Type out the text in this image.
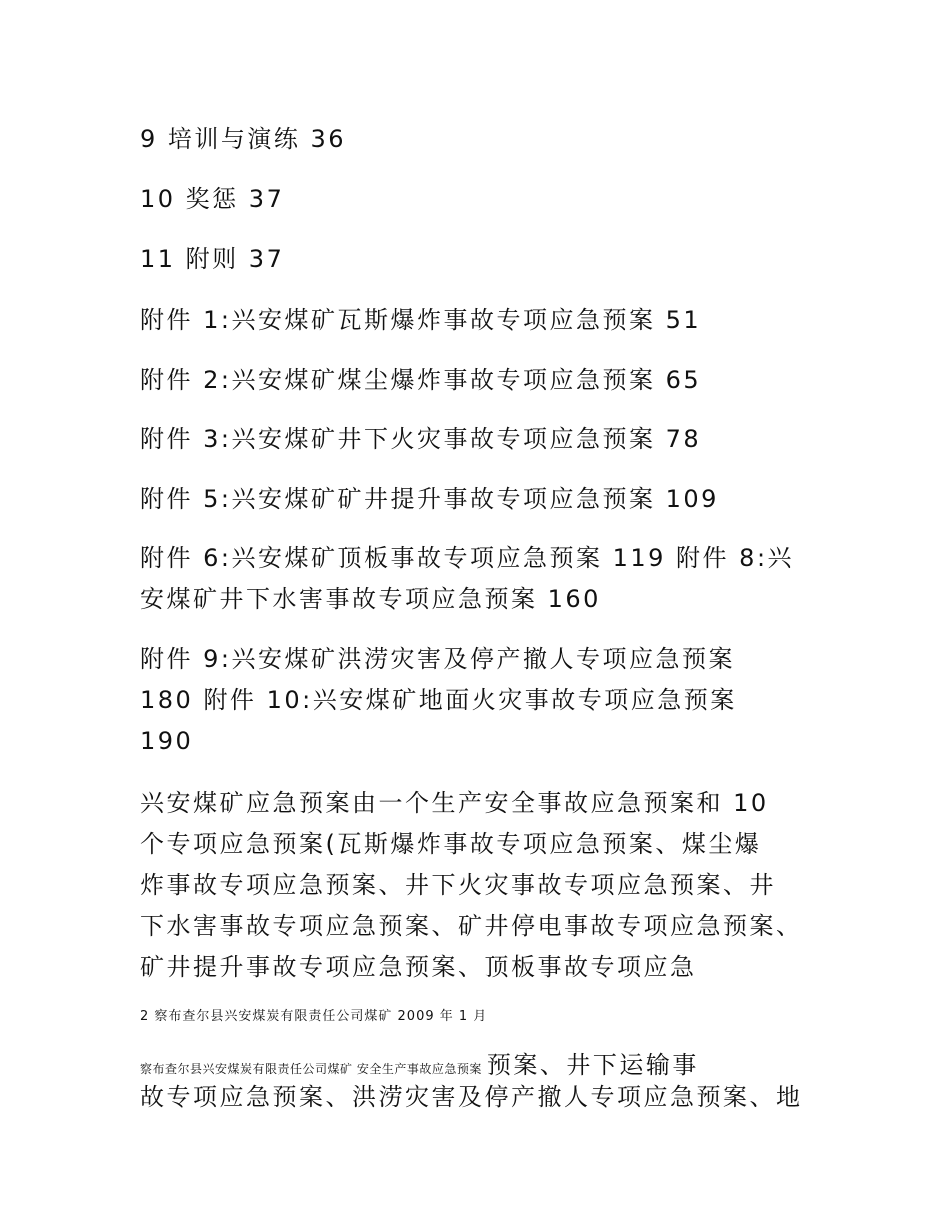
9 培训与演练 36
10 奖惩 37
11 附则 37
附件 1:兴安煤矿瓦斯爆炸事故专项应急预案 51
附件 2:兴安煤矿煤尘爆炸事故专项应急预案 65
附件 3:兴安煤矿井下火灾事故专项应急预案 78
附件 5:兴安煤矿矿井提升事故专项应急预案 109
附件 6:兴安煤矿顶板事故专项应急预案 119 附件 8:兴
安煤矿井下水害事故专项应急预案 160
附件 9:兴安煤矿洪涝灾害及停产撤人专项应急预案
180 附件 10:兴安煤矿地面火灾事故专项应急预案
190
兴安煤矿应急预案由一个生产安全事故应急预案和 10
个专项应急预案(瓦斯爆炸事故专项应急预案、煤尘爆
炸事故专项应急预案、井下火灾事故专项应急预案、井
下水害事故专项应急预案、矿井停电事故专项应急预案、
矿井提升事故专项应急预案、顶板事故专项应急
2 察布查尔县兴安煤炭有限责任公司煤矿 2009 年 1 月
察布查尔县兴安煤炭有限责任公司煤矿 安全生产事故应急预案 预案、井下运输事
故专项应急预案、洪涝灾害及停产撤人专项应急预案、地
